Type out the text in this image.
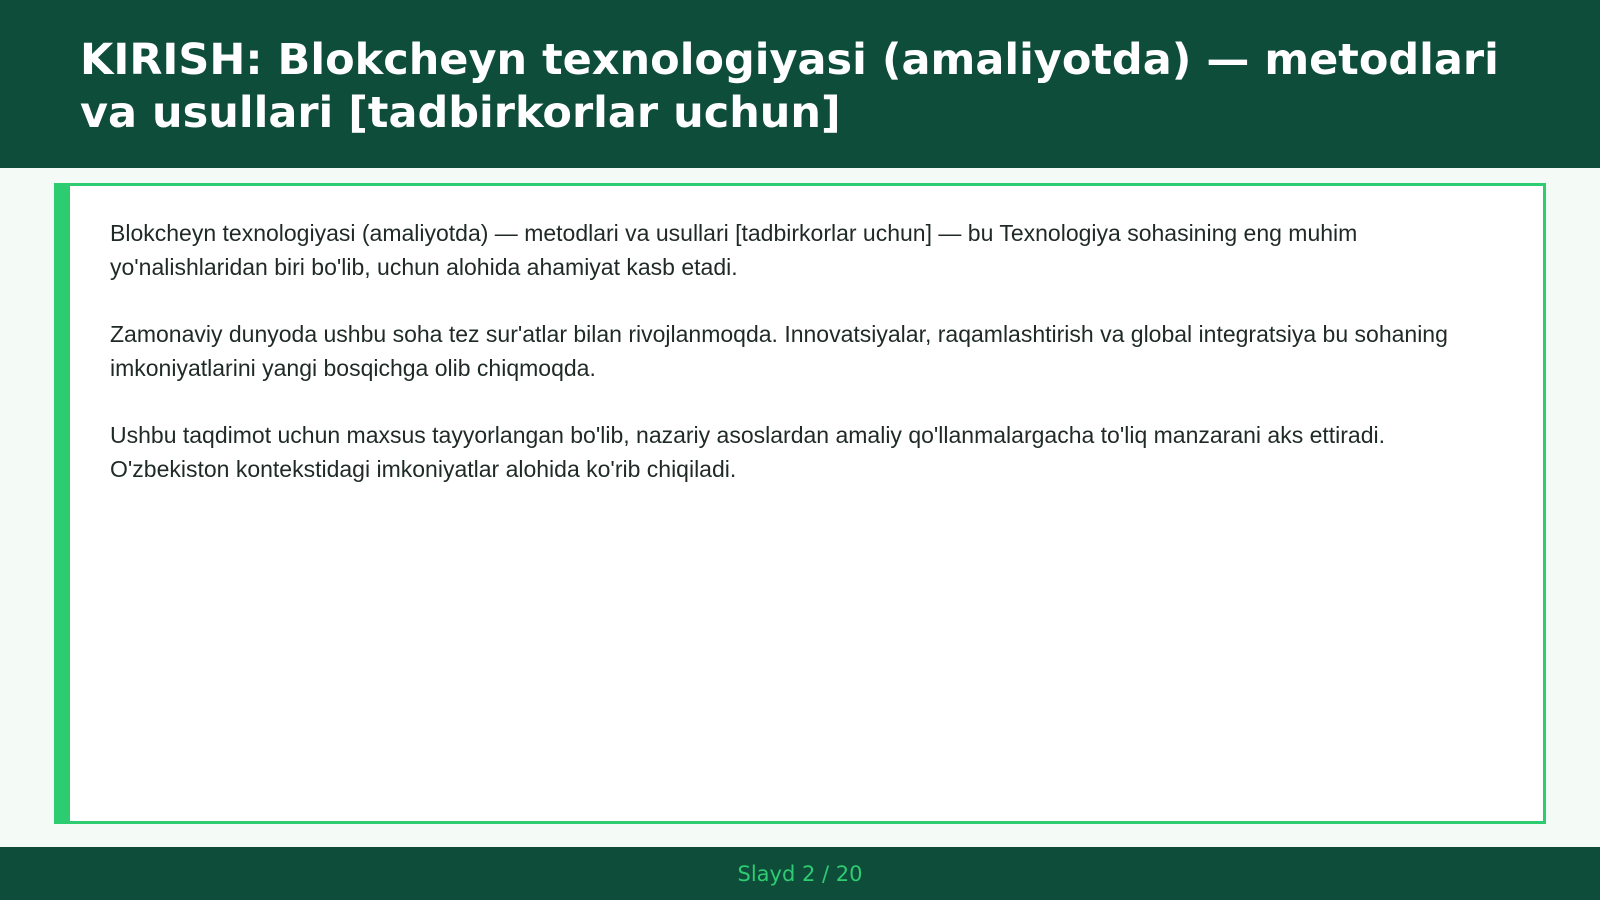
KIRISH: Blokcheyn texnologiyasi (amaliyotda) — metodlari va usullari [tadbirkorlar uchun]

Blokcheyn texnologiyasi (amaliyotda) — metodlari va usullari [tadbirkorlar uchun] — bu Texnologiya sohasining eng muhim yo'nalishlaridan biri bo'lib, uchun alohida ahamiyat kasb etadi.

Zamonaviy dunyoda ushbu soha tez sur'atlar bilan rivojlanmoqda. Innovatsiyalar, raqamlashtirish va global integratsiya bu sohaning imkoniyatlarini yangi bosqichga olib chiqmoqda.

Ushbu taqdimot uchun maxsus tayyorlangan bo'lib, nazariy asoslardan amaliy qo'llanmalargacha to'liq manzarani aks ettiradi. O'zbekiston kontekstidagi imkoniyatlar alohida ko'rib chiqiladi.

Slayd 2 / 20
